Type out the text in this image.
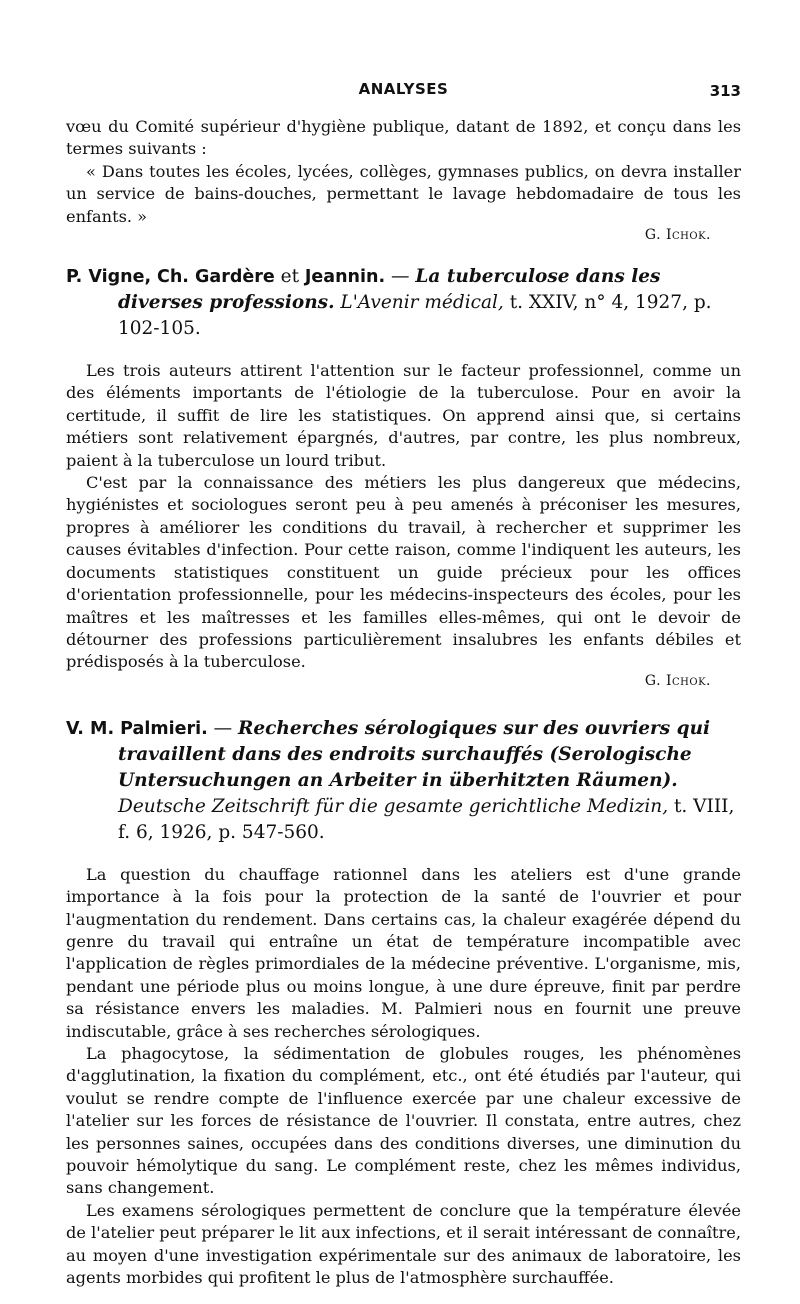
ANALYSES	313

vœu du Comité supérieur d'hygiène publique, datant de 1892, et conçu dans les termes suivants :

« Dans toutes les écoles, lycées, collèges, gymnases publics, on devra installer un service de bains-douches, permettant le lavage hebdomadaire de tous les enfants. »

G. Ichok.
P. Vigne, Ch. Gardère et Jeannin. — La tuberculose dans les diverses professions. L'Avenir médical, t. XXIV, n° 4, 1927, p. 102-105.

Les trois auteurs attirent l'attention sur le facteur professionnel, comme un des éléments importants de l'étiologie de la tuberculose. Pour en avoir la certitude, il suffit de lire les statistiques. On apprend ainsi que, si certains métiers sont relativement épargnés, d'autres, par contre, les plus nombreux, paient à la tuberculose un lourd tribut.

C'est par la connaissance des métiers les plus dangereux que médecins, hygiénistes et sociologues seront peu à peu amenés à préconiser les mesures, propres à améliorer les conditions du travail, à rechercher et supprimer les causes évitables d'infection. Pour cette raison, comme l'indiquent les auteurs, les documents statistiques constituent un guide précieux pour les offices d'orientation professionnelle, pour les médecins-inspecteurs des écoles, pour les maîtres et les maîtresses et les familles elles-mêmes, qui ont le devoir de détourner des professions particulièrement insalubres les enfants débiles et prédisposés à la tuberculose.

G. Ichok.
V. M. Palmieri. — Recherches sérologiques sur des ouvriers qui travaillent dans des endroits surchauffés (Serologische Untersuchungen an Arbeiter in überhitzten Räumen). Deutsche Zeitschrift für die gesamte gerichtliche Medizin, t. VIII, f. 6, 1926, p. 547-560.

La question du chauffage rationnel dans les ateliers est d'une grande importance à la fois pour la protection de la santé de l'ouvrier et pour l'augmentation du rendement. Dans certains cas, la chaleur exagérée dépend du genre du travail qui entraîne un état de température incompatible avec l'application de règles primordiales de la médecine préventive. L'organisme, mis, pendant une période plus ou moins longue, à une dure épreuve, finit par perdre sa résistance envers les maladies. M. Palmieri nous en fournit une preuve indiscutable, grâce à ses recherches sérologiques.

La phagocytose, la sédimentation de globules rouges, les phénomènes d'agglutination, la fixation du complément, etc., ont été étudiés par l'auteur, qui voulut se rendre compte de l'influence exercée par une chaleur excessive de l'atelier sur les forces de résistance de l'ouvrier. Il constata, entre autres, chez les personnes saines, occupées dans des conditions diverses, une diminution du pouvoir hémolytique du sang. Le complément reste, chez les mêmes individus, sans changement.

Les examens sérologiques permettent de conclure que la température élevée de l'atelier peut préparer le lit aux infections, et il serait intéressant de connaître, au moyen d'une investigation expérimentale sur des animaux de laboratoire, les agents morbides qui profitent le plus de l'atmosphère surchauffée.
